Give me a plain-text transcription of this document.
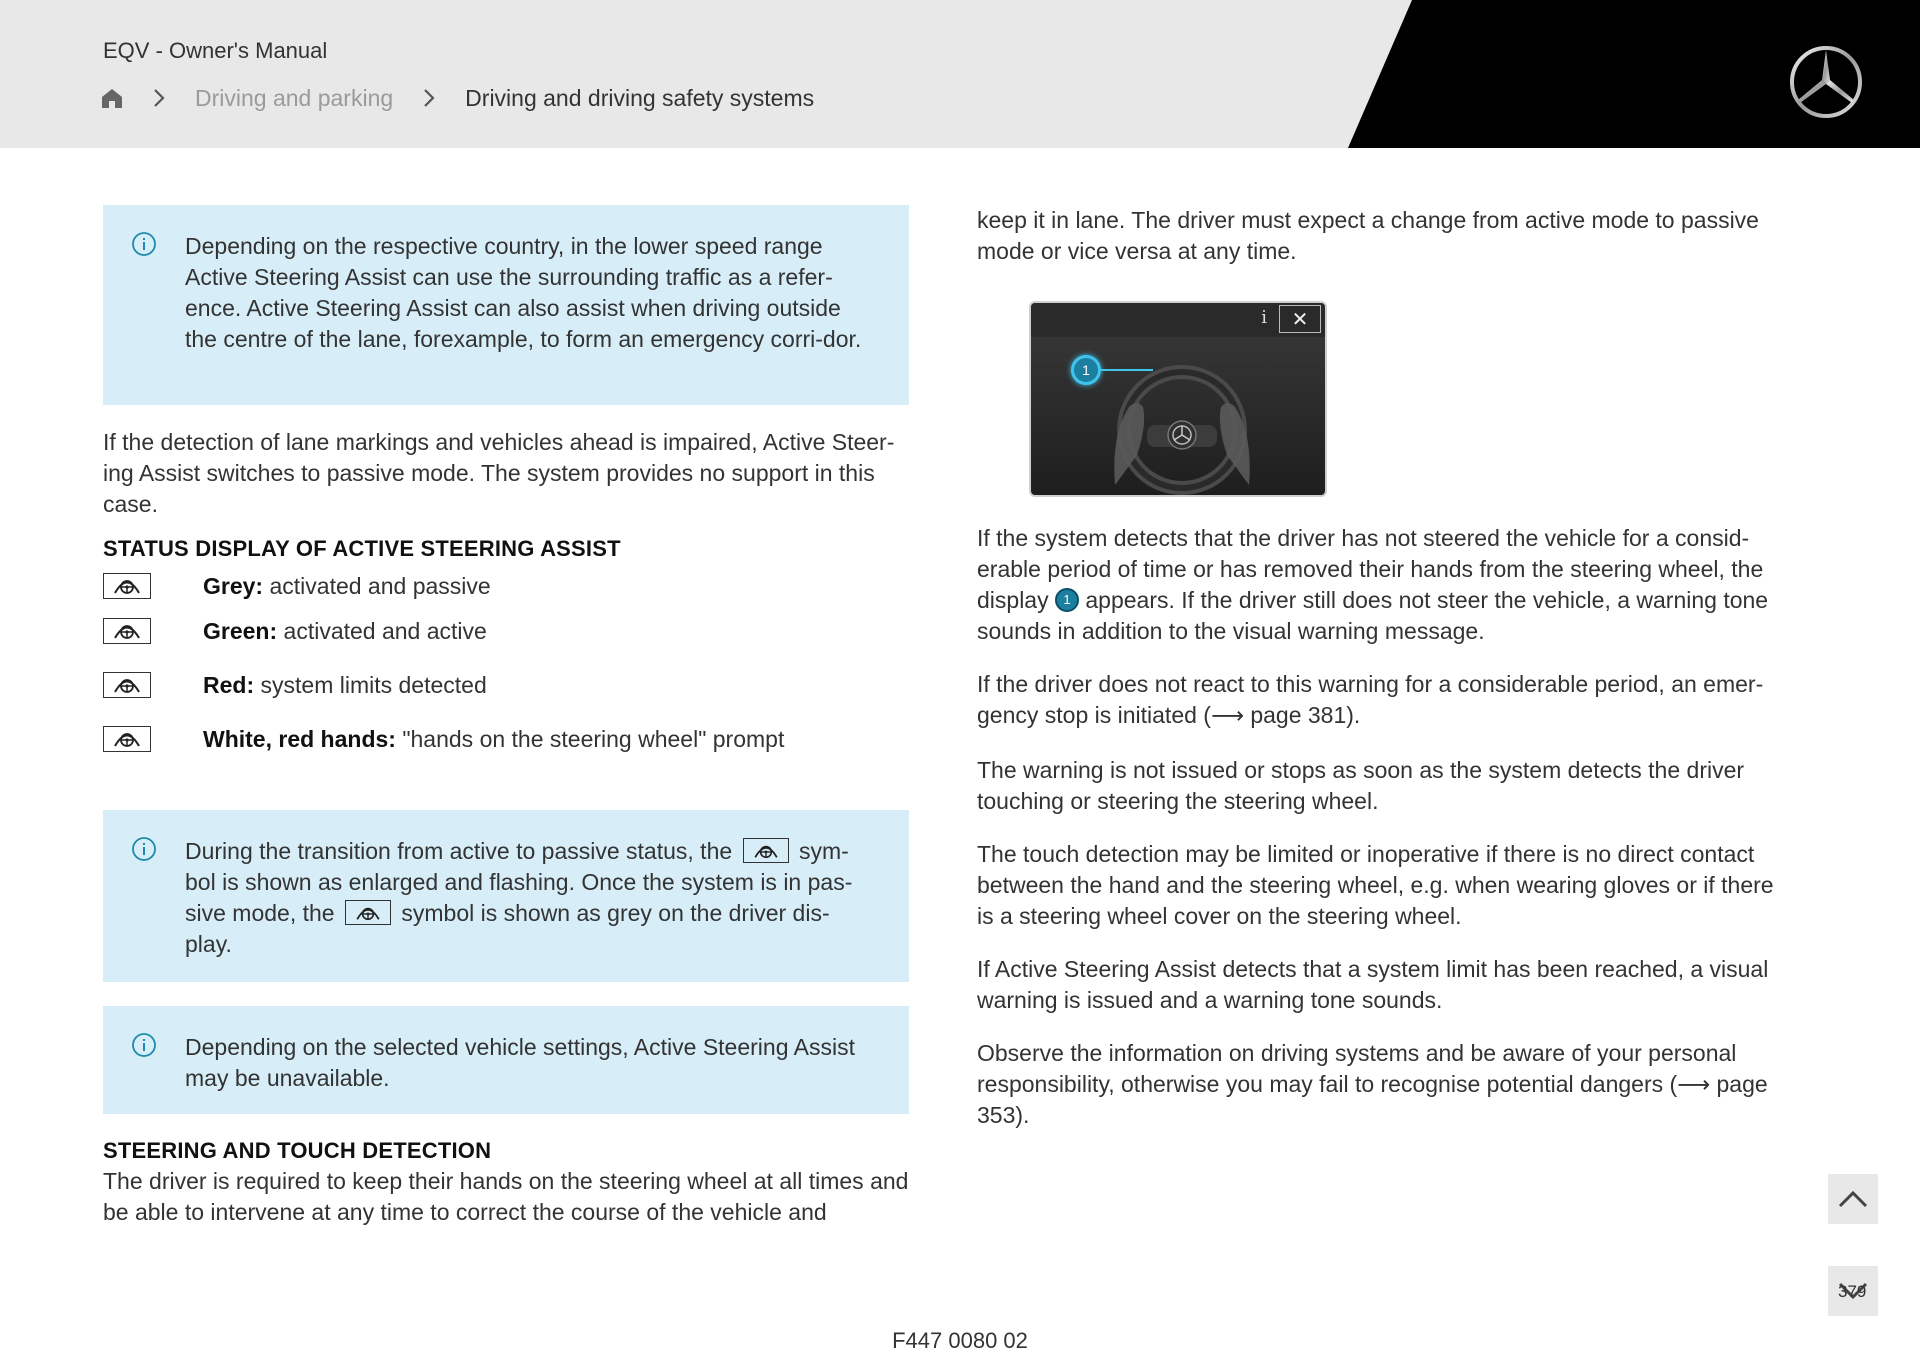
EQV - Owner's Manual
Driving and parking	Driving and driving safety systems
Depending on the respective country, in the lower speed range Active Steering Assist can use the surrounding traffic as a refer-ence. Active Steering Assist can also assist when driving outside the centre of the lane, forexample, to form an emergency corri-dor.
If the detection of lane markings and vehicles ahead is impaired, Active Steer-ing Assist switches to passive mode. The system provides no support in this case.
STATUS DISPLAY OF ACTIVE STEERING ASSIST
Grey: activated and passive
Green: activated and active
Red: system limits detected
White, red hands: "hands on the steering wheel" prompt
During the transition from active to passive status, the	sym-bol is shown as enlarged and flashing. Once the system is in pas-sive mode, the	symbol is shown as grey on the driver dis-play.
Depending on the selected vehicle settings, Active Steering Assist may be unavailable.
STEERING AND TOUCH DETECTION
The driver is required to keep their hands on the steering wheel at all times and be able to intervene at any time to correct the course of the vehicle and
keep it in lane. The driver must expect a change from active mode to passive mode or vice versa at any time.
i	✕
1
If the system detects that the driver has not steered the vehicle for a consid-erable period of time or has removed their hands from the steering wheel, the display 1 appears. If the driver still does not steer the vehicle, a warning tone sounds in addition to the visual warning message.
If the driver does not react to this warning for a considerable period, an emer-gency stop is initiated (⟶ page 381).
The warning is not issued or stops as soon as the system detects the driver touching or steering the steering wheel.
The touch detection may be limited or inoperative if there is no direct contact between the hand and the steering wheel, e.g. when wearing gloves or if there is a steering wheel cover on the steering wheel.
If Active Steering Assist detects that a system limit has been reached, a visual warning is issued and a warning tone sounds.
Observe the information on driving systems and be aware of your personal responsibility, otherwise you may fail to recognise potential dangers (⟶ page 353).
379
F447 0080 02
